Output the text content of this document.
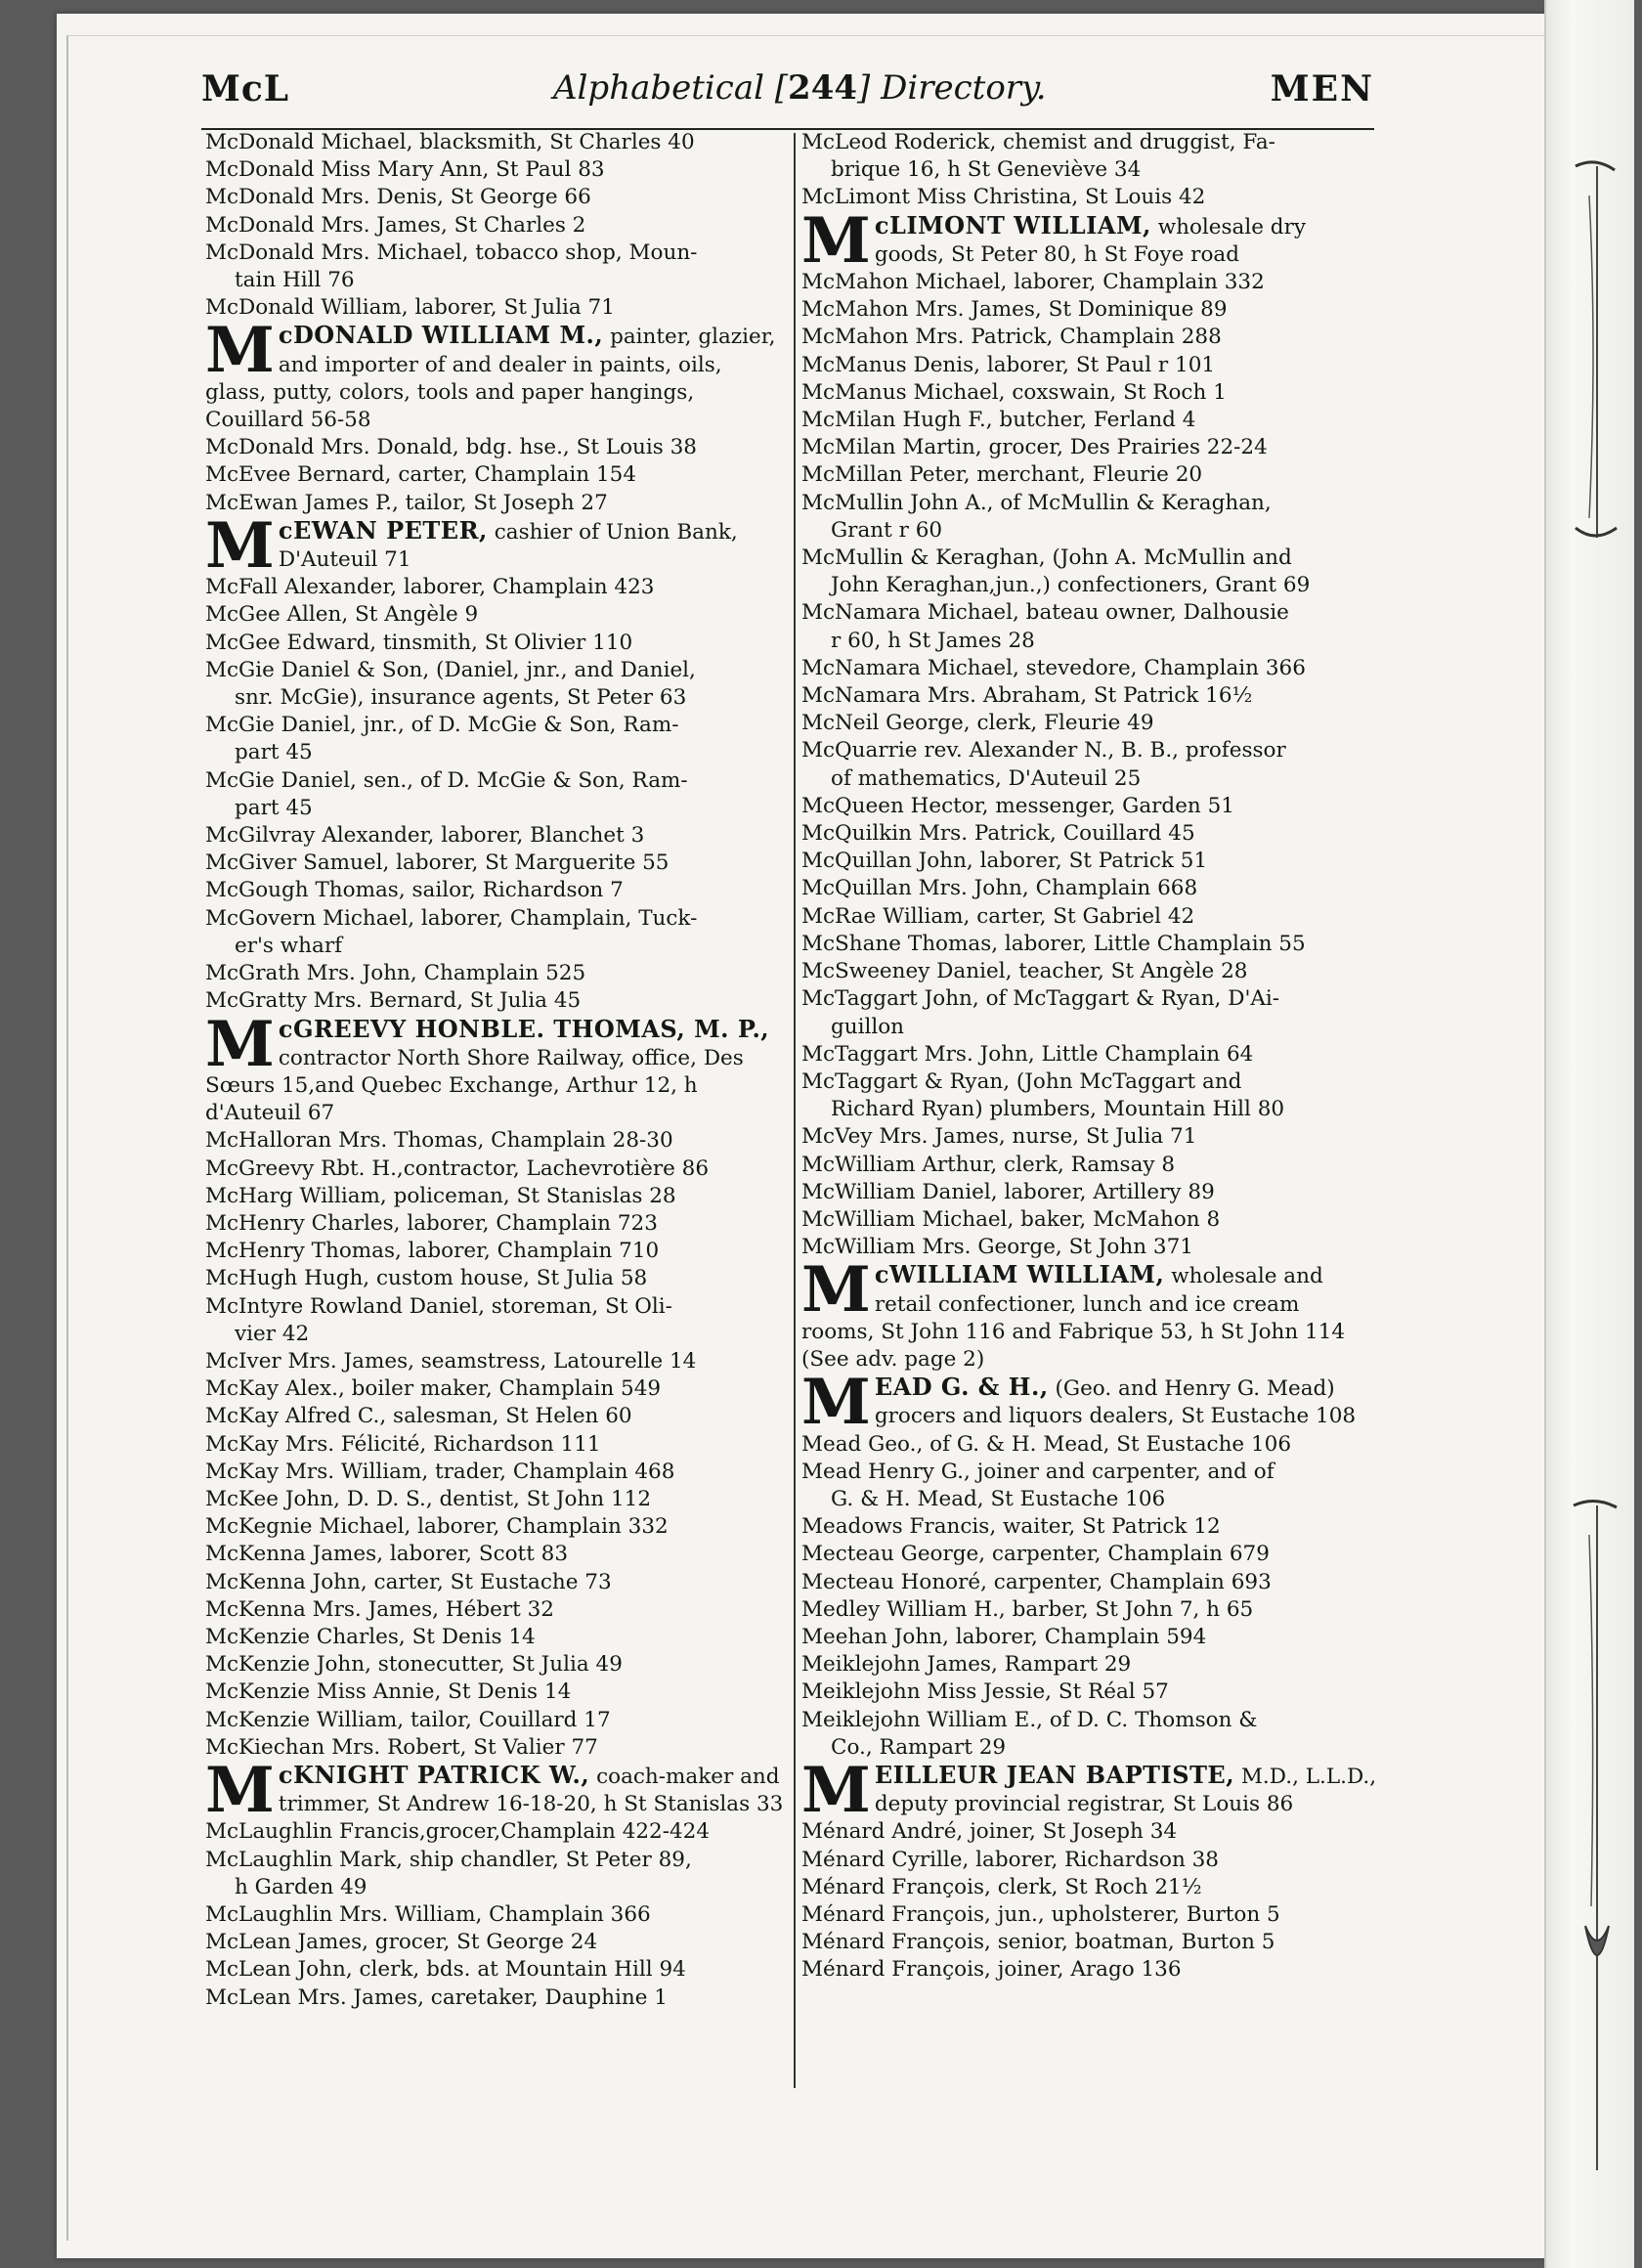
McL	Alphabetical [244] Directory.	MEN
McDonald Michael, blacksmith, St Charles 40
McDonald Miss Mary Ann, St Paul 83
McDonald Mrs. Denis, St George 66
McDonald Mrs. James, St Charles 2
McDonald Mrs. Michael, tobacco shop, Moun-
tain Hill 76
McDonald William, laborer, St Julia 71
McDONALD WILLIAM M., painter, glazier, and importer of and dealer in paints, oils, glass, putty, colors, tools and paper hangings, Couillard 56-58
McDonald Mrs. Donald, bdg. hse., St Louis 38
McEvee Bernard, carter, Champlain 154
McEwan James P., tailor, St Joseph 27
McEWAN PETER, cashier of Union Bank, D'Auteuil 71
McFall Alexander, laborer, Champlain 423
McGee Allen, St Angèle 9
McGee Edward, tinsmith, St Olivier 110
McGie Daniel & Son, (Daniel, jnr., and Daniel,
snr. McGie), insurance agents, St Peter 63
McGie Daniel, jnr., of D. McGie & Son, Ram-
part 45
McGie Daniel, sen., of D. McGie & Son, Ram-
part 45
McGilvray Alexander, laborer, Blanchet 3
McGiver Samuel, laborer, St Marguerite 55
McGough Thomas, sailor, Richardson 7
McGovern Michael, laborer, Champlain, Tuck-
er's wharf
McGrath Mrs. John, Champlain 525
McGratty Mrs. Bernard, St Julia 45
McGREEVY HONBLE. THOMAS, M. P., contractor North Shore Railway, office, Des Sœurs 15,and Quebec Exchange, Arthur 12, h d'Auteuil 67
McHalloran Mrs. Thomas, Champlain 28-30
McGreevy Rbt. H.,contractor, Lachevrotière 86
McHarg William, policeman, St Stanislas 28
McHenry Charles, laborer, Champlain 723
McHenry Thomas, laborer, Champlain 710
McHugh Hugh, custom house, St Julia 58
McIntyre Rowland Daniel, storeman, St Oli-
vier 42
McIver Mrs. James, seamstress, Latourelle 14
McKay Alex., boiler maker, Champlain 549
McKay Alfred C., salesman, St Helen 60
McKay Mrs. Félicité, Richardson 111
McKay Mrs. William, trader, Champlain 468
McKee John, D. D. S., dentist, St John 112
McKegnie Michael, laborer, Champlain 332
McKenna James, laborer, Scott 83
McKenna John, carter, St Eustache 73
McKenna Mrs. James, Hébert 32
McKenzie Charles, St Denis 14
McKenzie John, stonecutter, St Julia 49
McKenzie Miss Annie, St Denis 14
McKenzie William, tailor, Couillard 17
McKiechan Mrs. Robert, St Valier 77
McKNIGHT PATRICK W., coach-maker and trimmer, St Andrew 16-18-20, h St Stanislas 33
McLaughlin Francis,grocer,Champlain 422-424
McLaughlin Mark, ship chandler, St Peter 89,
h Garden 49
McLaughlin Mrs. William, Champlain 366
McLean James, grocer, St George 24
McLean John, clerk, bds. at Mountain Hill 94
McLean Mrs. James, caretaker, Dauphine 1
McLeod Roderick, chemist and druggist, Fa-
brique 16, h St Geneviève 34
McLimont Miss Christina, St Louis 42
McLIMONT WILLIAM, wholesale dry goods, St Peter 80, h St Foye road
McMahon Michael, laborer, Champlain 332
McMahon Mrs. James, St Dominique 89
McMahon Mrs. Patrick, Champlain 288
McManus Denis, laborer, St Paul r 101
McManus Michael, coxswain, St Roch 1
McMilan Hugh F., butcher, Ferland 4
McMilan Martin, grocer, Des Prairies 22-24
McMillan Peter, merchant, Fleurie 20
McMullin John A., of McMullin & Keraghan,
Grant r 60
McMullin & Keraghan, (John A. McMullin and
John Keraghan,jun.,) confectioners, Grant 69
McNamara Michael, bateau owner, Dalhousie
r 60, h St James 28
McNamara Michael, stevedore, Champlain 366
McNamara Mrs. Abraham, St Patrick 16½
McNeil George, clerk, Fleurie 49
McQuarrie rev. Alexander N., B. B., professor
of mathematics, D'Auteuil 25
McQueen Hector, messenger, Garden 51
McQuilkin Mrs. Patrick, Couillard 45
McQuillan John, laborer, St Patrick 51
McQuillan Mrs. John, Champlain 668
McRae William, carter, St Gabriel 42
McShane Thomas, laborer, Little Champlain 55
McSweeney Daniel, teacher, St Angèle 28
McTaggart John, of McTaggart & Ryan, D'Ai-
guillon
McTaggart Mrs. John, Little Champlain 64
McTaggart & Ryan, (John McTaggart and
Richard Ryan) plumbers, Mountain Hill 80
McVey Mrs. James, nurse, St Julia 71
McWilliam Arthur, clerk, Ramsay 8
McWilliam Daniel, laborer, Artillery 89
McWilliam Michael, baker, McMahon 8
McWilliam Mrs. George, St John 371
McWILLIAM WILLIAM, wholesale and retail confectioner, lunch and ice cream rooms, St John 116 and Fabrique 53, h St John 114 (See adv. page 2)
MEAD G. & H., (Geo. and Henry G. Mead) grocers and liquors dealers, St Eustache 108
Mead Geo., of G. & H. Mead, St Eustache 106
Mead Henry G., joiner and carpenter, and of
G. & H. Mead, St Eustache 106
Meadows Francis, waiter, St Patrick 12
Mecteau George, carpenter, Champlain 679
Mecteau Honoré, carpenter, Champlain 693
Medley William H., barber, St John 7, h 65
Meehan John, laborer, Champlain 594
Meiklejohn James, Rampart 29
Meiklejohn Miss Jessie, St Réal 57
Meiklejohn William E., of D. C. Thomson &
Co., Rampart 29
MEILLEUR JEAN BAPTISTE, M.D., L.L.D., deputy provincial registrar, St Louis 86
Ménard André, joiner, St Joseph 34
Ménard Cyrille, laborer, Richardson 38
Ménard François, clerk, St Roch 21½
Ménard François, jun., upholsterer, Burton 5
Ménard François, senior, boatman, Burton 5
Ménard François, joiner, Arago 136
